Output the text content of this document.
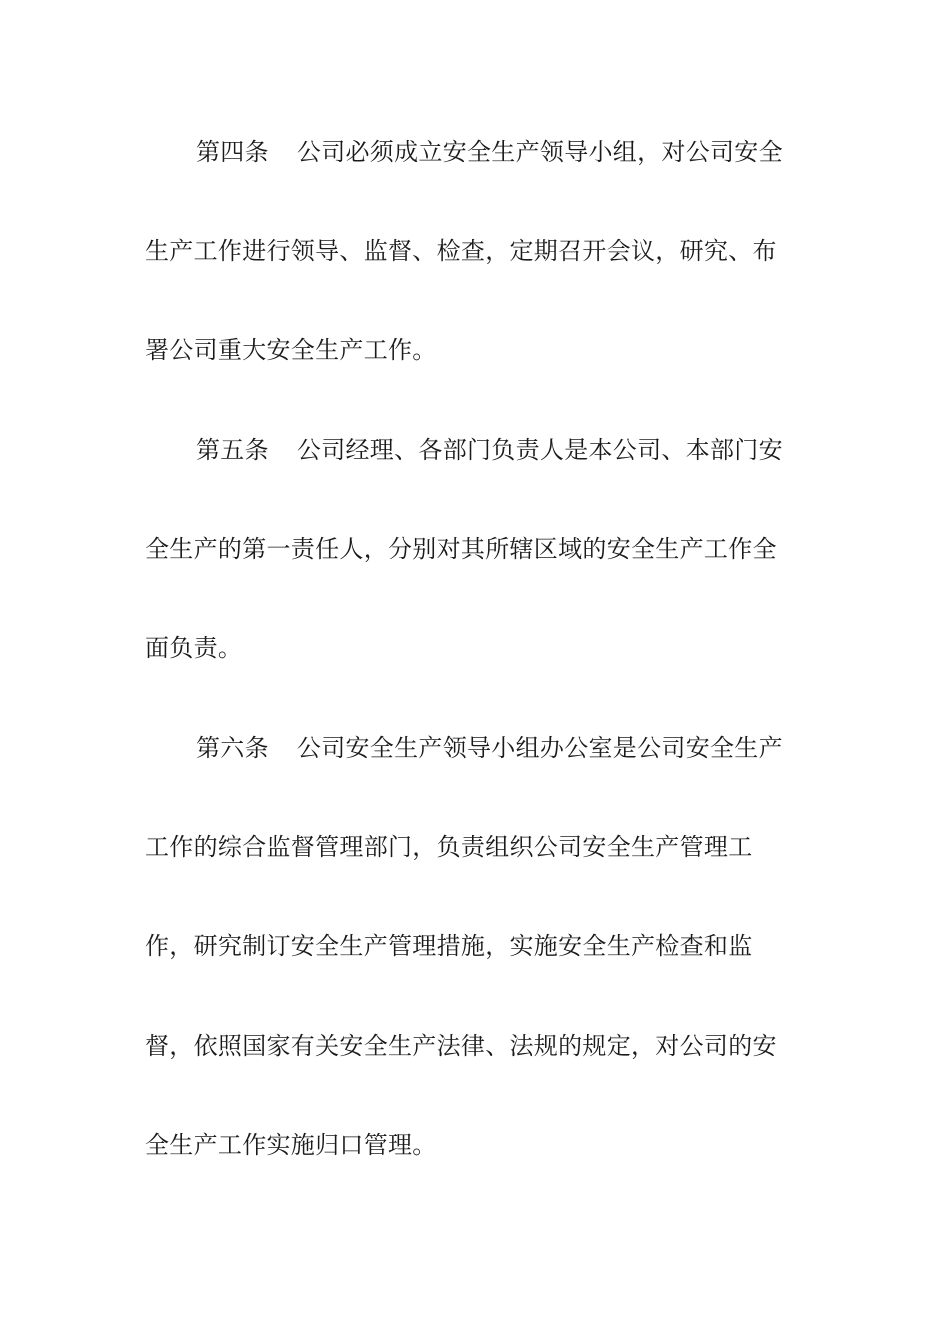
第四条 公司必须成立安全生产领导小组，对公司安全
生产工作进行领导、监督、检查，定期召开会议，研究、布
署公司重大安全生产工作。
第五条 公司经理、各部门负责人是本公司、本部门安
全生产的第一责任人，分别对其所辖区域的安全生产工作全
面负责。
第六条 公司安全生产领导小组办公室是公司安全生产
工作的综合监督管理部门，负责组织公司安全生产管理工
作，研究制订安全生产管理措施，实施安全生产检查和监
督，依照国家有关安全生产法律、法规的规定，对公司的安
全生产工作实施归口管理。
